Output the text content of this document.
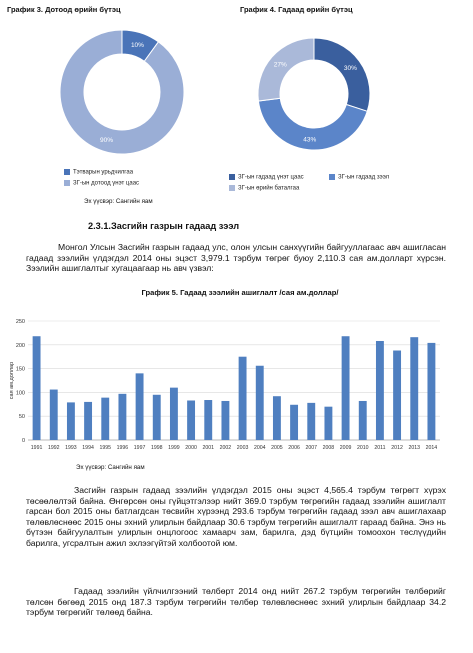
График 3. Дотоод өрийн бүтэц
10%
90%
Тэтварын урьдчилгаа
ЗГ-ын дотоод үнэт цаас
График 4. Гадаад өрийн бүтэц
30%
43%
27%
ЗГ-ын гадаад үнэт цаас	ЗГ-ын гадаад зээл
ЗГ-ын өрийн баталгаа
Эх үүсвэр: Сангийн яам
2.3.1.Засгийн газрын гадаад зээл
Монгол Улсын Засгийн газрын гадаад улс, олон улсын санхүүгийн байгууллагаас авч ашигласан гадаад зээлийн үлдэгдэл 2014 оны эцэст 3,979.1 тэрбум төгрөг буюу 2,110.3 сая ам.долларт хүрсэн. Зээлийн ашиглалтыг хугацаагаар нь авч үзвэл:
График 5. Гадаад зээлийн ашиглалт /сая ам.доллар/
0
50
100
150
200
250
сая ам.доллар
1991 1992 1993 1994 1995 1996 1997 1998 1999 2000 2001 2002 2003 2004 2005 2006 2007 2008 2009 2010 2011 2012 2013 2014
Эх үүсвэр: Сангийн яам
Засгийн газрын гадаад зээлийн үлдэгдэл 2015 оны эцэст 4,565.4 тэрбум төгрөгт хүрэх төсөөлөлтэй байна. Өнгөрсөн оны гүйцэтгэлээр нийт 369.0 тэрбум төгрөгийн гадаад зээлийн ашиглалт гарсан бол 2015 оны батлагдсан төсвийн хүрээнд 293.6 тэрбум төгрөгийн гадаад зээл авч ашиглахаар төлөвлөснөөс 2015 оны эхний улирлын байдлаар 30.6 тэрбум төгрөгийн ашиглалт гараад байна. Энэ нь бүтээн байгуулалтын улирлын онцлогоос хамаарч зам, барилга, дэд бүтцийн томоохон төслүүдийн барилга, угсралтын ажил эхлээгүйтэй холбоотой юм.
Гадаад зээлийн үйлчилгээний төлбөрт 2014 онд нийт 267.2 тэрбум төгрөгийн төлбөрийг төлсөн бөгөөд 2015 онд 187.3 тэрбум төгрөгийн төлбөр төлөвлөснөөс эхний улирлын байдлаар 34.2 тэрбум төгрөгийг төлөөд байна.
